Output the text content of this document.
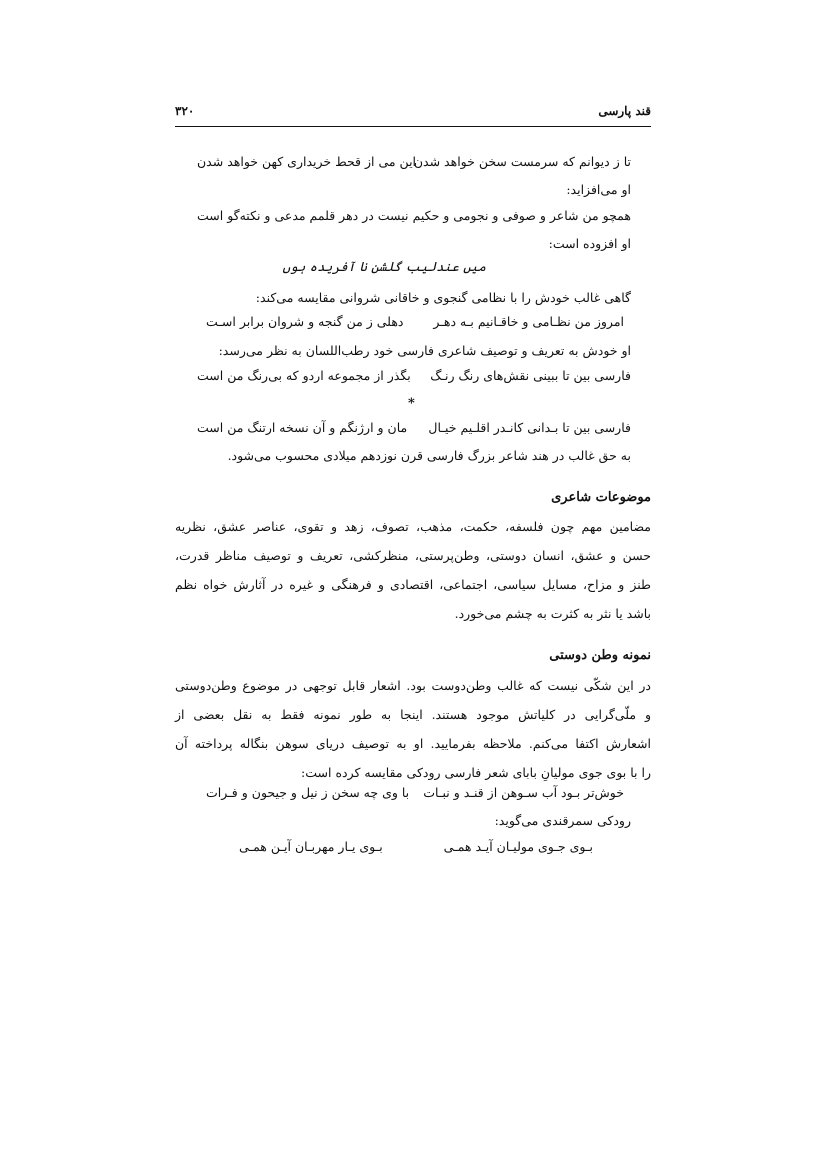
قند پارسی
۳۲۰
تا ز دیوانم که سرمست سخن خواهد شدن
این می از قحط خریداری کهن خواهد شدن
او می‌افزاید:
همچو من شاعر و صوفی و نجومی و حکیم
نیست در دهر قلمم مدعی و نکته‌گو است
او افزوده است:
میں عندلیب گلشن نا آفریدہ ہوں
گاهی غالب خودش را با نظامی گنجوی و خاقانی شروانی مقایسه می‌کند:
امروز من نظـامی و خاقـانیم بـه دهـر
دهلی ز من گنجه و شروان برابر اسـت
او خودش به تعریف و توصیف شاعری فارسی خود رطب‌اللسان به نظر می‌رسد:
فارسی بین تا ببینی نقش‌های رنگ رنـگ
بگذر از مجموعه اردو که بی‌رنگ من است
*
فارسی بین تا بـدانی کانـدر اقلـیم خیـال
مان و ارژنگم و آن نسخه ارتنگ من است
به حق غالب در هند شاعر بزرگ فارسی قرن نوزدهم میلادی محسوب می‌شود.
موضوعات شاعری
مضامین مهم چون فلسفه، حکمت، مذهب، تصوف، زهد و تقوی، عناصر عشق، نظریه
حسن و عشق، انسان دوستی، وطن‌پرستی، منظرکشی، تعریف و توصیف مناظر قدرت،
طنز و مزاح، مسایل سیاسی، اجتماعی، اقتصادی و فرهنگی و غیره در آثارش خواه نظم
باشد یا نثر به کثرت به چشم می‌خورد.
نمونه وطن دوستی
در این شکّی نیست که غالب وطن‌دوست بود. اشعار قابل توجهی در موضوع وطن‌دوستی
و ملّی‌گرایی در کلیاتش موجود هستند. اینجا به طور نمونه فقط به نقل بعضی از
اشعارش اکتفا می‌کنم. ملاحظه بفرمایید. او به توصیف دریای سوهن بنگاله پرداخته آن
را با بوی جوی مولیانِ بابای شعر فارسی رودکی مقایسه کرده است:
خوش‌تر بـود آب سـوهن از قنـد و نبـات
با وی چه سخن ز نیل و جیحون و فـرات
رودکی سمرقندی می‌گوید:
بـوی جـوی مولیـان آیـد همـی
بـوی یـار مهربـان آیـن همـی
